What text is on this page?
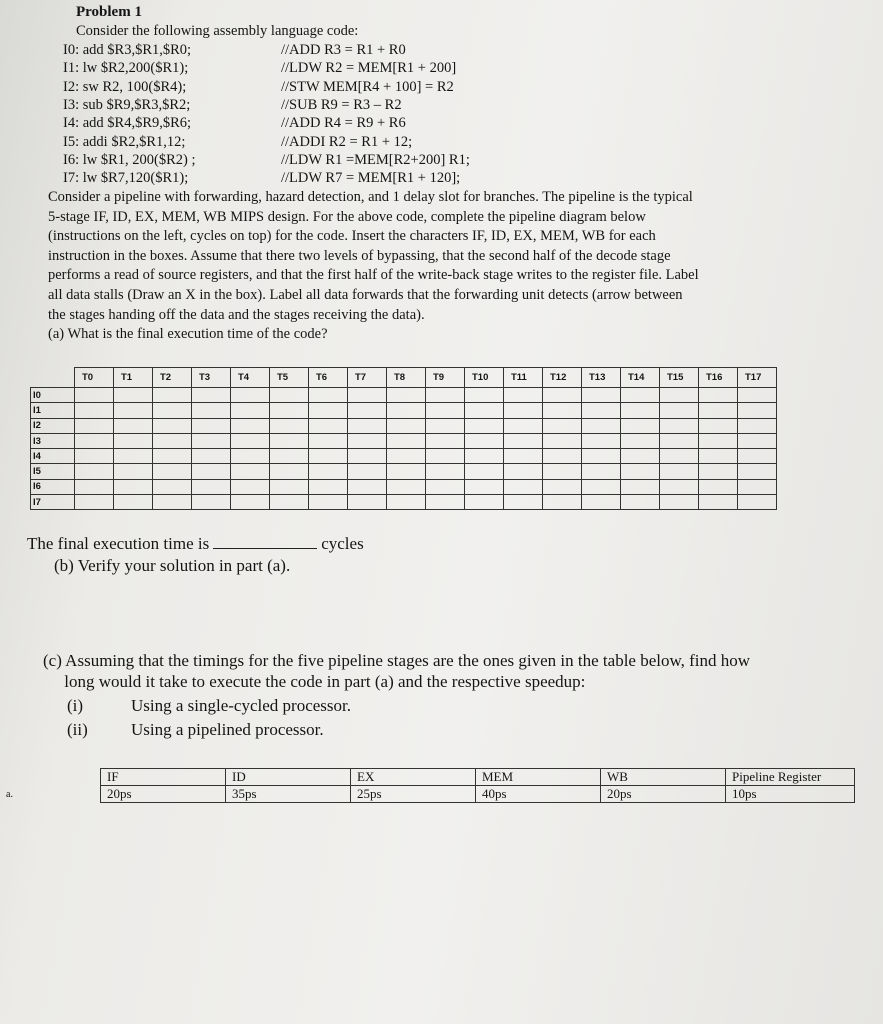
Problem 1
Consider the following assembly language code:
I0: add $R3,$R1,$R0;	//ADD R3 = R1 + R0
I1: lw $R2,200($R1);	//LDW R2 = MEM[R1 + 200]
I2: sw R2, 100($R4);	//STW MEM[R4 + 100] = R2
I3: sub $R9,$R3,$R2;	//SUB R9 = R3 – R2
I4: add $R4,$R9,$R6;	//ADD R4 = R9 + R6
I5: addi $R2,$R1,12;	//ADDI R2 = R1 + 12;
I6: lw $R1, 200($R2) ;	//LDW R1 =MEM[R2+200] R1;
I7: lw $R7,120($R1);	//LDW R7 = MEM[R1 + 120];
Consider a pipeline with forwarding, hazard detection, and 1 delay slot for branches. The pipeline is the typical
5-stage IF, ID, EX, MEM, WB MIPS design. For the above code, complete the pipeline diagram below
(instructions on the left, cycles on top) for the code. Insert the characters IF, ID, EX, MEM, WB for each
instruction in the boxes. Assume that there two levels of bypassing, that the second half of the decode stage
performs a read of source registers, and that the first half of the write-back stage writes to the register file. Label
all data stalls (Draw an X in the box). Label all data forwards that the forwarding unit detects (arrow between
the stages handing off the data and the stages receiving the data).
(a) What is the final execution time of the code?
	T0	T1	T2	T3	T4	T5	T6	T7	T8	T9	T10	T11	T12	T13	T14	T15	T16	T17
I0																		
I1																		
I2																		
I3																		
I4																		
I5																		
I6																		
I7																		
The final execution time is	cycles
(b) Verify your solution in part (a).
(c) Assuming that the timings for the five pipeline stages are the ones given in the table below, find how
long would it take to execute the code in part (a) and the respective speedup:
(i)	Using a single-cycled processor.
(ii)	Using a pipelined processor.
	IF	ID	EX	MEM	WB	Pipeline Register
a.	20ps	35ps	25ps	40ps	20ps	10ps
